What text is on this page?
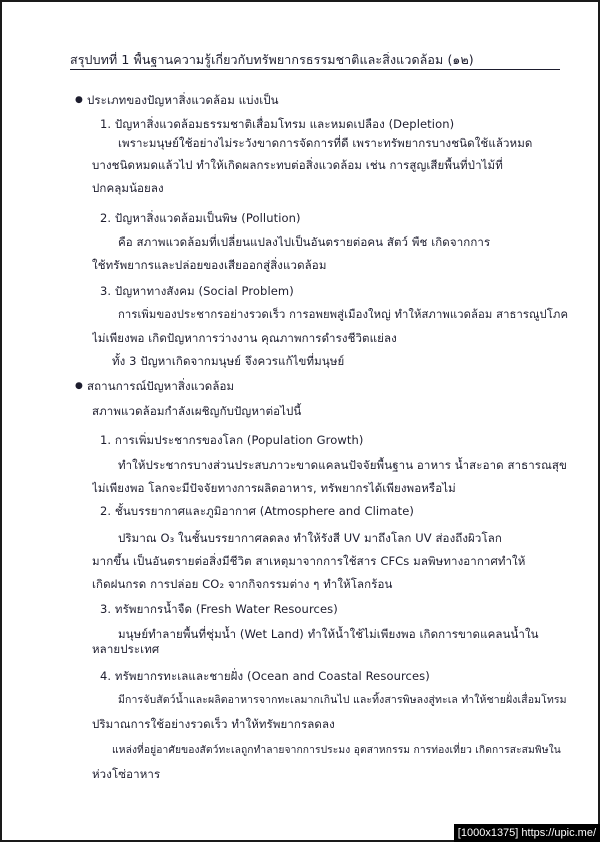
สรุปบทที่ 1 พื้นฐานความรู้เกี่ยวกับทรัพยากรธรรมชาติและสิ่งแวดล้อม (๑๒)
● ประเภทของปัญหาสิ่งแวดล้อม แบ่งเป็น
1. ปัญหาสิ่งแวดล้อมธรรมชาติเสื่อมโทรม และหมดเปลือง (Depletion)
เพราะมนุษย์ใช้อย่างไม่ระวังขาดการจัดการที่ดี เพราะทรัพยากรบางชนิดใช้แล้วหมด
บางชนิดหมดแล้วไป ทำให้เกิดผลกระทบต่อสิ่งแวดล้อม เช่น การสูญเสียพื้นที่ป่าไม้ที่
ปกคลุมน้อยลง
2. ปัญหาสิ่งแวดล้อมเป็นพิษ (Pollution)
คือ สภาพแวดล้อมที่เปลี่ยนแปลงไปเป็นอันตรายต่อคน สัตว์ พืช เกิดจากการ
ใช้ทรัพยากรและปล่อยของเสียออกสู่สิ่งแวดล้อม
3. ปัญหาทางสังคม (Social Problem)
การเพิ่มของประชากรอย่างรวดเร็ว การอพยพสู่เมืองใหญ่ ทำให้สภาพแวดล้อม สาธารณูปโภค
ไม่เพียงพอ เกิดปัญหาการว่างงาน คุณภาพการดำรงชีวิตแย่ลง
ทั้ง 3 ปัญหาเกิดจากมนุษย์ จึงควรแก้ไขที่มนุษย์
● สถานการณ์ปัญหาสิ่งแวดล้อม
สภาพแวดล้อมกำลังเผชิญกับปัญหาต่อไปนี้
1. การเพิ่มประชากรของโลก (Population Growth)
ทำให้ประชากรบางส่วนประสบภาวะขาดแคลนปัจจัยพื้นฐาน อาหาร น้ำสะอาด สาธารณสุข
ไม่เพียงพอ โลกจะมีปัจจัยทางการผลิตอาหาร, ทรัพยากรได้เพียงพอหรือไม่
2. ชั้นบรรยากาศและภูมิอากาศ (Atmosphere and Climate)
ปริมาณ O₃ ในชั้นบรรยากาศลดลง ทำให้รังสี UV มาถึงโลก UV ส่องถึงผิวโลก
มากขึ้น เป็นอันตรายต่อสิ่งมีชีวิต สาเหตุมาจากการใช้สาร CFCs มลพิษทางอากาศทำให้
เกิดฝนกรด การปล่อย CO₂ จากกิจกรรมต่าง ๆ ทำให้โลกร้อน
3. ทรัพยากรน้ำจืด (Fresh Water Resources)
มนุษย์ทำลายพื้นที่ชุ่มน้ำ (Wet Land) ทำให้น้ำใช้ไม่เพียงพอ เกิดการขาดแคลนน้ำใน
หลายประเทศ
4. ทรัพยากรทะเลและชายฝั่ง (Ocean and Coastal Resources)
มีการจับสัตว์น้ำและผลิตอาหารจากทะเลมากเกินไป และทิ้งสารพิษลงสู่ทะเล ทำให้ชายฝั่งเสื่อมโทรม
ปริมาณการใช้อย่างรวดเร็ว ทำให้ทรัพยากรลดลง
แหล่งที่อยู่อาศัยของสัตว์ทะเลถูกทำลายจากการประมง อุตสาหกรรม การท่องเที่ยว เกิดการสะสมพิษใน
ห่วงโซ่อาหาร
[1000x1375] https://upic.me/
